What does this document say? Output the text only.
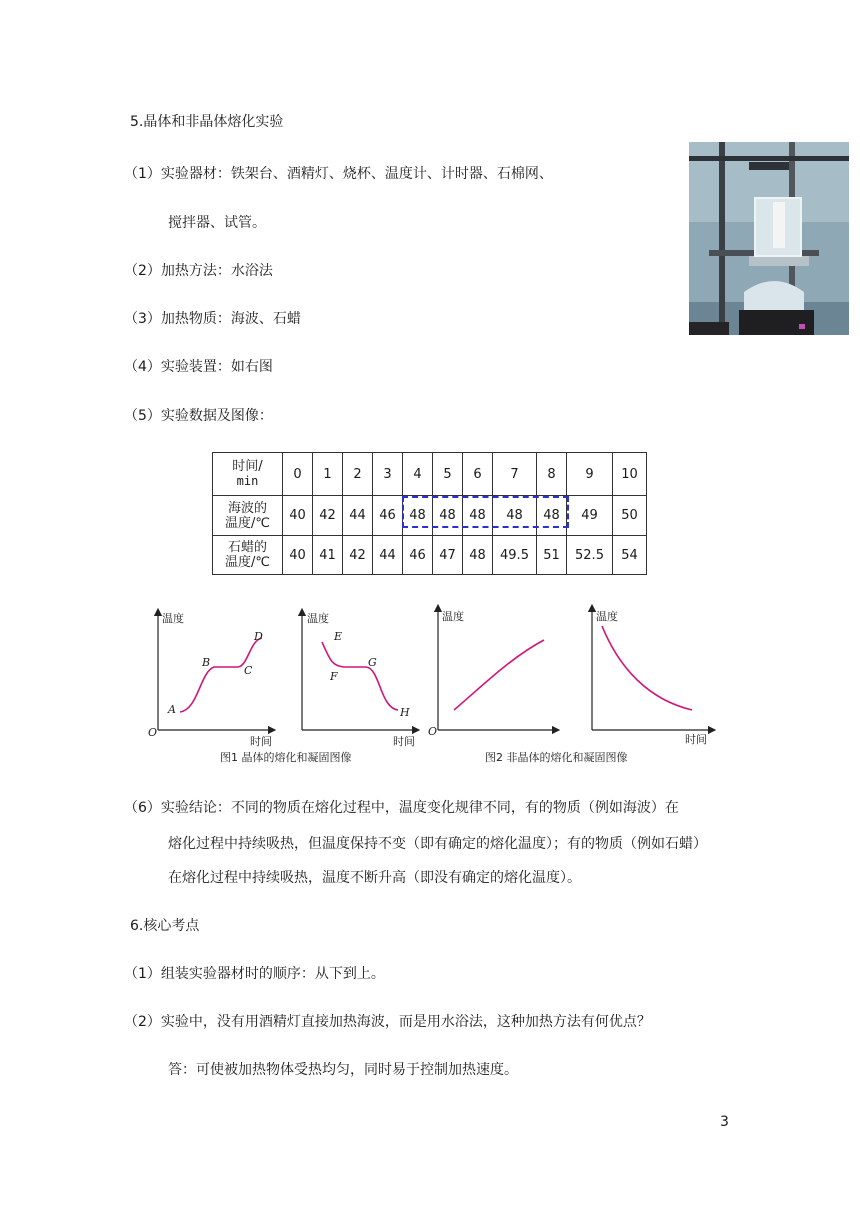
5.晶体和非晶体熔化实验
（1）实验器材：铁架台、酒精灯、烧杯、温度计、计时器、石棉网、
搅拌器、试管。
（2）加热方法：水浴法
（3）加热物质：海波、石蜡
（4）实验装置：如右图
（5）实验数据及图像：
时间/
min	0	1	2	3	4	5	6	7	8	9	10
海波的
温度/℃	40	42	44	46	48	48	48	48	48	49	50
石蜡的
温度/℃	40	41	42	44	46	47	48	49.5	51	52.5	54
温度
时间
O
A
B
C
D
温度
时间
E
F
G
H
温度
O
温度
时间
图1 晶体的熔化和凝固图像	图2 非晶体的熔化和凝固图像
（6）实验结论：不同的物质在熔化过程中，温度变化规律不同，有的物质（例如海波）在
熔化过程中持续吸热，但温度保持不变（即有确定的熔化温度）；有的物质（例如石蜡）
在熔化过程中持续吸热，温度不断升高（即没有确定的熔化温度）。
6.核心考点
（1）组装实验器材时的顺序：从下到上。
（2）实验中，没有用酒精灯直接加热海波，而是用水浴法，这种加热方法有何优点？
答：可使被加热物体受热均匀，同时易于控制加热速度。
3
